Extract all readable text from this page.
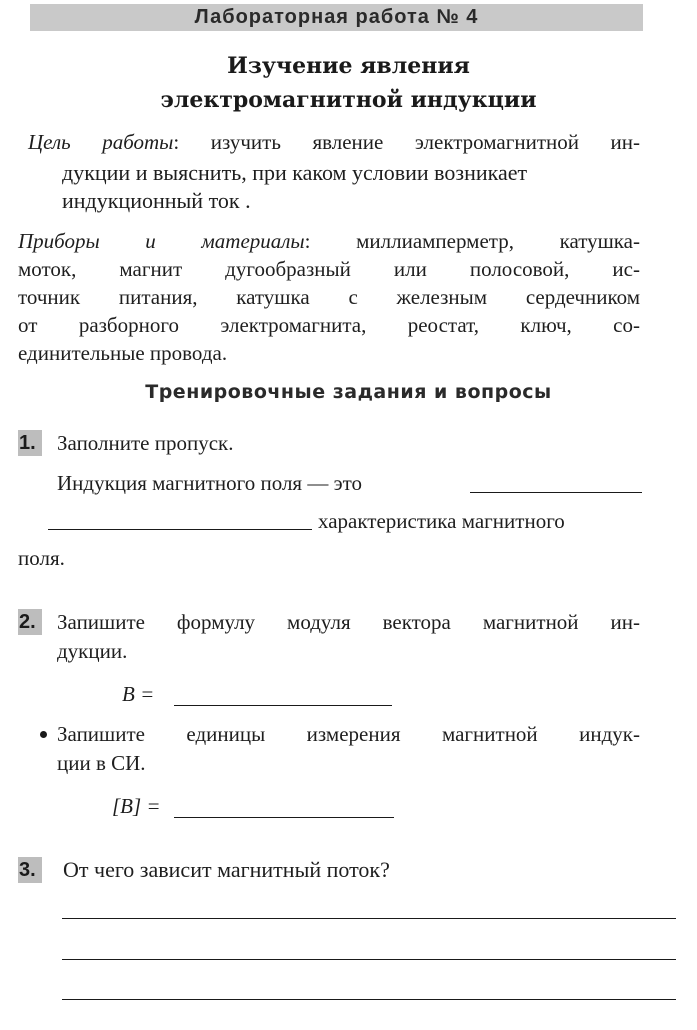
Лабораторная работа № 4
Изучение явления
электромагнитной индукции
Цель работы: изучить явление электромагнитной ин-
дукции и выяснить, при каком условии возникает
индукционный ток .
Приборы и материалы: миллиамперметр, катушка-
моток, магнит дугообразный или полосовой, ис-
точник питания, катушка с железным сердечником
от разборного электромагнита, реостат, ключ, со-
единительные провода.
Тренировочные задания и вопросы
1.	Заполните пропуск.
Индукция магнитного поля — это
характеристика магнитного
поля.
2.	Запишите формулу модуля вектора магнитной ин-
дукции.
B =
Запишите единицы измерения магнитной индук-
ции в СИ.
[B] =
3.	От чего зависит магнитный поток?
